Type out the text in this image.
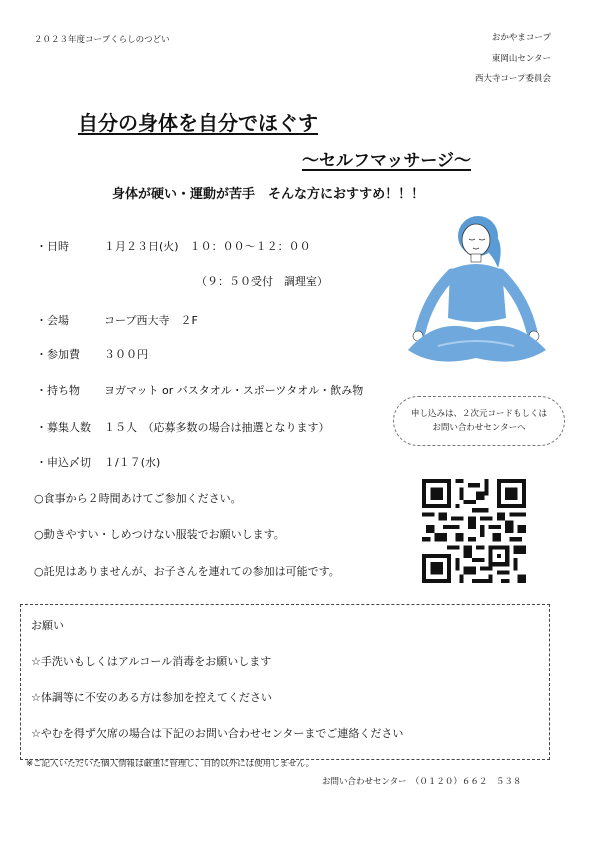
２０２３年度コープくらしのつどい	おかやまコープ
東岡山センター
西大寺コープ委員会
自分の身体を自分でほぐす
～セルフマッサージ～
身体が硬い・運動が苦手　そんな方におすすめ！！！
・日時	１月２３日(火)　１０：００～１２：００
（９：５０受付　調理室）
・会場	コープ西大寺　２F
・参加費 ３００円
・持ち物 ヨガマット or バスタオル・スポーツタオル・飲み物
・募集人数 １５人　（応募多数の場合は抽選となります）
・申込〆切 １/１７(水)
○食事から２時間あけてご参加ください。
○動きやすい・しめつけない服装でお願いします。
○託児はありませんが、お子さんを連れての参加は可能です。
申し込みは、２次元コードもしくは
お問い合わせセンターへ
お願い
☆手洗いもしくはアルコール消毒をお願いします
☆体調等に不安のある方は参加を控えてください
☆やむを得ず欠席の場合は下記のお問い合わせセンターまでご連絡ください
※ご記入いただいた個人情報は厳重に管理し、目的以外には使用しません。
お問い合わせセンター　（０１２０）６６２　５３８
